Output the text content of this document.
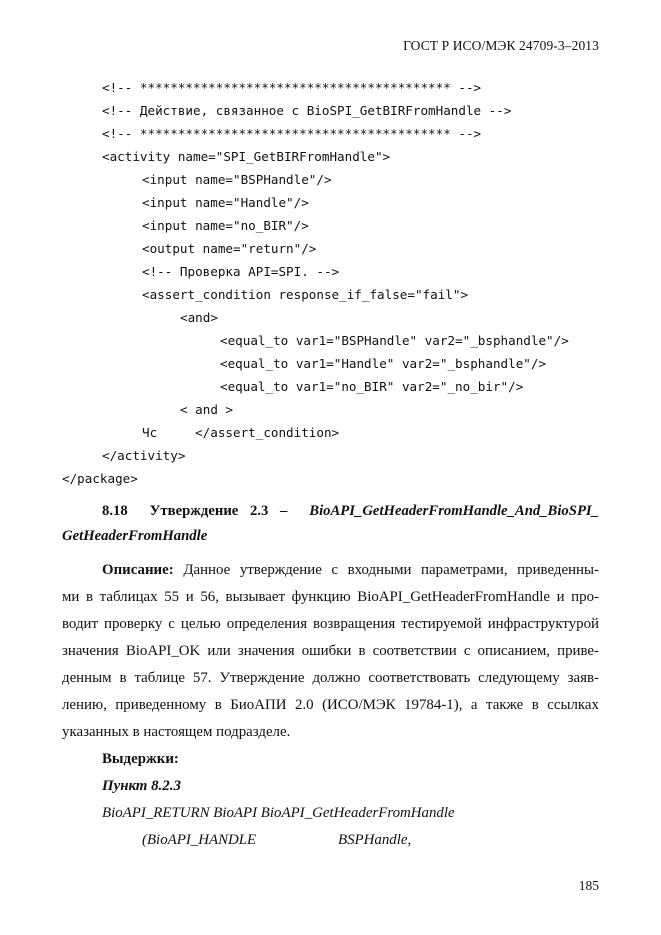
ГОСТ Р ИСО/МЭК 24709-3–2013
<!-- ***************************************** -->
<!-- Действие, связанное с BioSPI_GetBIRFromHandle -->
<!-- ***************************************** -->
<activity name="SPI_GetBIRFromHandle">
<input name="BSPHandle"/>
<input name="Handle"/>
<input name="no_BIR"/>
<output name="return"/>
<!-- Проверка API=SPI. -->
<assert_condition response_if_false="fail">
<and>
<equal_to var1="BSPHandle" var2="_bsphandle"/>
<equal_to var1="Handle" var2="_bsphandle"/>
<equal_to var1="no_BIR" var2="_no_bir"/>
< and >
Чc     </assert_condition>
</activity>
</package>
8.18 Утверждение 2.3 – BioAPI_GetHeaderFromHandle_And_BioSPI_
GetHeaderFromHandle
Описание: Данное утверждение с входными параметрами, приведенны-
ми в таблицах 55 и 56, вызывает функцию BioAPI_GetHeaderFromHandle и про-
водит проверку с целью определения возвращения тестируемой инфраструктурой
значения BioAPI_OK или значения ошибки в соответствии с описанием, приве-
денным в таблице 57. Утверждение должно соответствовать следующему заяв-
лению, приведенному в БиоАПИ 2.0 (ИСО/МЭК 19784-1), а также в ссылках
указанных в настоящем подразделе.
Выдержки:
Пункт 8.2.3
BioAPI_RETURN BioAPI BioAPI_GetHeaderFromHandle
(BioAPI_HANDLE	BSPHandle,
185
